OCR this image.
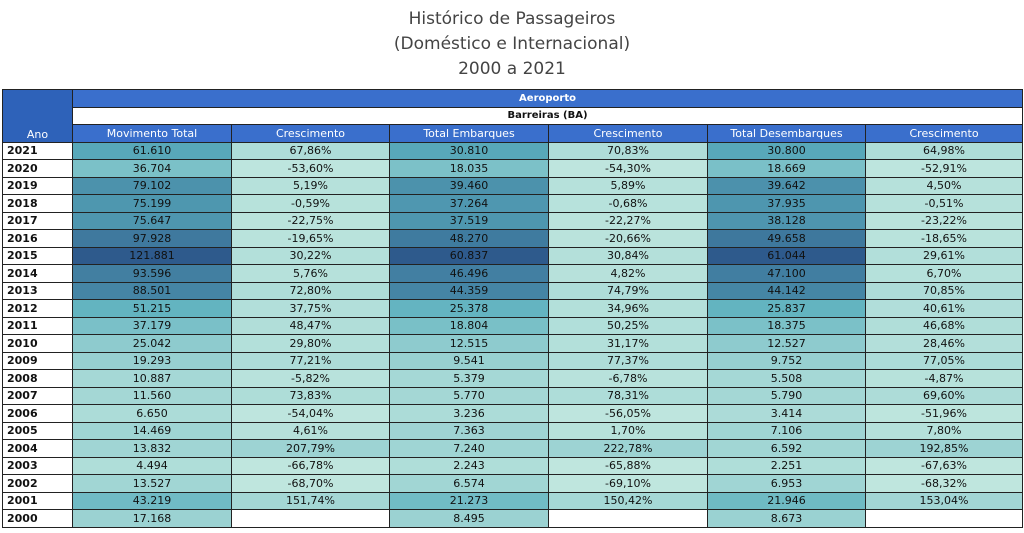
Histórico de Passageiros
(Doméstico e Internacional)
2000 a 2021
Ano	Aeroporto					
	Barreiras (BA)					
	Movimento Total	Crescimento	Total Embarques	Crescimento	Total Desembarques	Crescimento
2021	61.610	67,86%	30.810	70,83%	30.800	64,98%
2020	36.704	-53,60%	18.035	-54,30%	18.669	-52,91%
2019	79.102	5,19%	39.460	5,89%	39.642	4,50%
2018	75.199	-0,59%	37.264	-0,68%	37.935	-0,51%
2017	75.647	-22,75%	37.519	-22,27%	38.128	-23,22%
2016	97.928	-19,65%	48.270	-20,66%	49.658	-18,65%
2015	121.881	30,22%	60.837	30,84%	61.044	29,61%
2014	93.596	5,76%	46.496	4,82%	47.100	6,70%
2013	88.501	72,80%	44.359	74,79%	44.142	70,85%
2012	51.215	37,75%	25.378	34,96%	25.837	40,61%
2011	37.179	48,47%	18.804	50,25%	18.375	46,68%
2010	25.042	29,80%	12.515	31,17%	12.527	28,46%
2009	19.293	77,21%	9.541	77,37%	9.752	77,05%
2008	10.887	-5,82%	5.379	-6,78%	5.508	-4,87%
2007	11.560	73,83%	5.770	78,31%	5.790	69,60%
2006	6.650	-54,04%	3.236	-56,05%	3.414	-51,96%
2005	14.469	4,61%	7.363	1,70%	7.106	7,80%
2004	13.832	207,79%	7.240	222,78%	6.592	192,85%
2003	4.494	-66,78%	2.243	-65,88%	2.251	-67,63%
2002	13.527	-68,70%	6.574	-69,10%	6.953	-68,32%
2001	43.219	151,74%	21.273	150,42%	21.946	153,04%
2000	17.168		8.495		8.673	
